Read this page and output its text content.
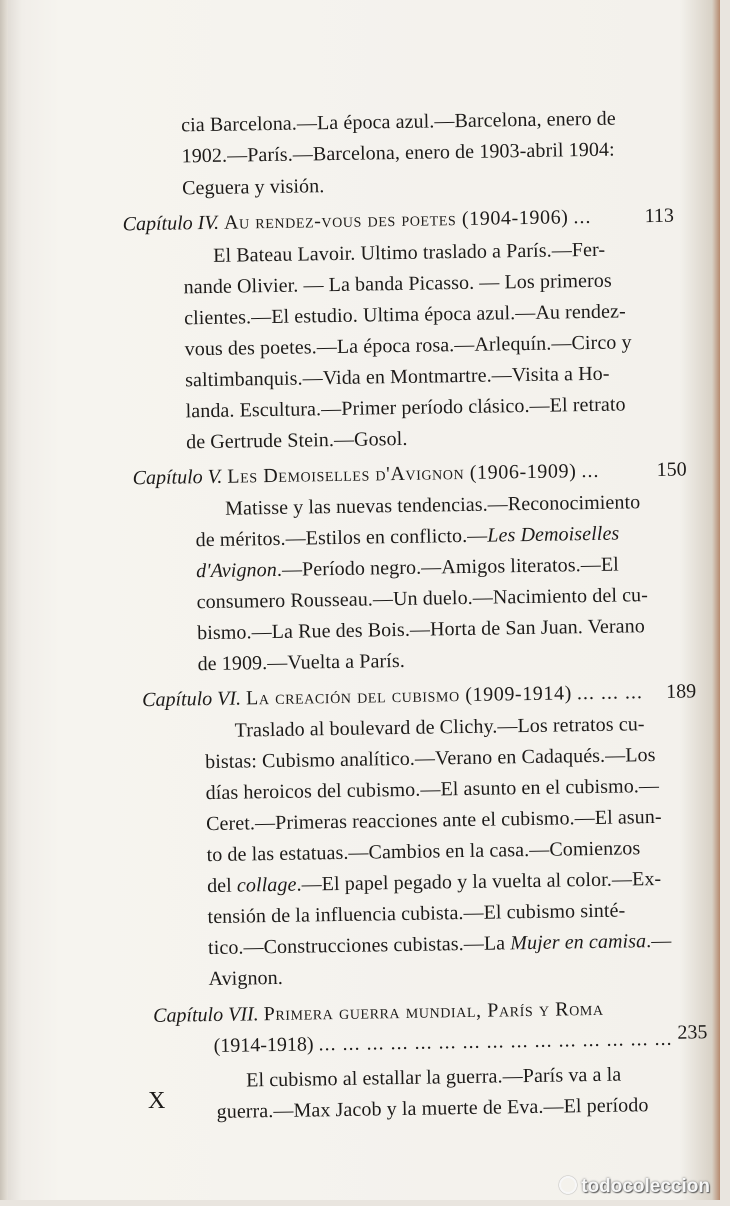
cia Barcelona.—La época azul.—Barcelona, enero de
1902.—París.—Barcelona, enero de 1903-abril 1904:
Ceguera y visión.
Capítulo IV. Au rendez-vous des poetes (1904-1906) ...	113
El Bateau Lavoir. Ultimo traslado a París.—Fer-
nande Olivier. — La banda Picasso. — Los primeros
clientes.—El estudio. Ultima época azul.—Au rendez-
vous des poetes.—La época rosa.—Arlequín.—Circo y
saltimbanquis.—Vida en Montmartre.—Visita a Ho-
landa. Escultura.—Primer período clásico.—El retrato
de Gertrude Stein.—Gosol.
Capítulo V. Les Demoiselles d'Avignon (1906-1909) ...	150
Matisse y las nuevas tendencias.—Reconocimiento
de méritos.—Estilos en conflicto.—Les Demoiselles
d'Avignon.—Período negro.—Amigos literatos.—El
consumero Rousseau.—Un duelo.—Nacimiento del cu-
bismo.—La Rue des Bois.—Horta de San Juan. Verano
de 1909.—Vuelta a París.
Capítulo VI. La creación del cubismo (1909-1914) ... ... ... 189
Traslado al boulevard de Clichy.—Los retratos cu-
bistas: Cubismo analítico.—Verano en Cadaqués.—Los
días heroicos del cubismo.—El asunto en el cubismo.—
Ceret.—Primeras reacciones ante el cubismo.—El asun-
to de las estatuas.—Cambios en la casa.—Comienzos
del collage.—El papel pegado y la vuelta al color.—Ex-
tensión de la influencia cubista.—El cubismo sinté-
tico.—Construcciones cubistas.—La Mujer en camisa.—
Avignon.
Capítulo VII. Primera guerra mundial, París y Roma
(1914-1918) ... ... ... ... ... ... ... ... ... ... ... ... ... ... ... 235
El cubismo al estallar la guerra.—París va a la
guerra.—Max Jacob y la muerte de Eva.—El período
X
todocoleccion
